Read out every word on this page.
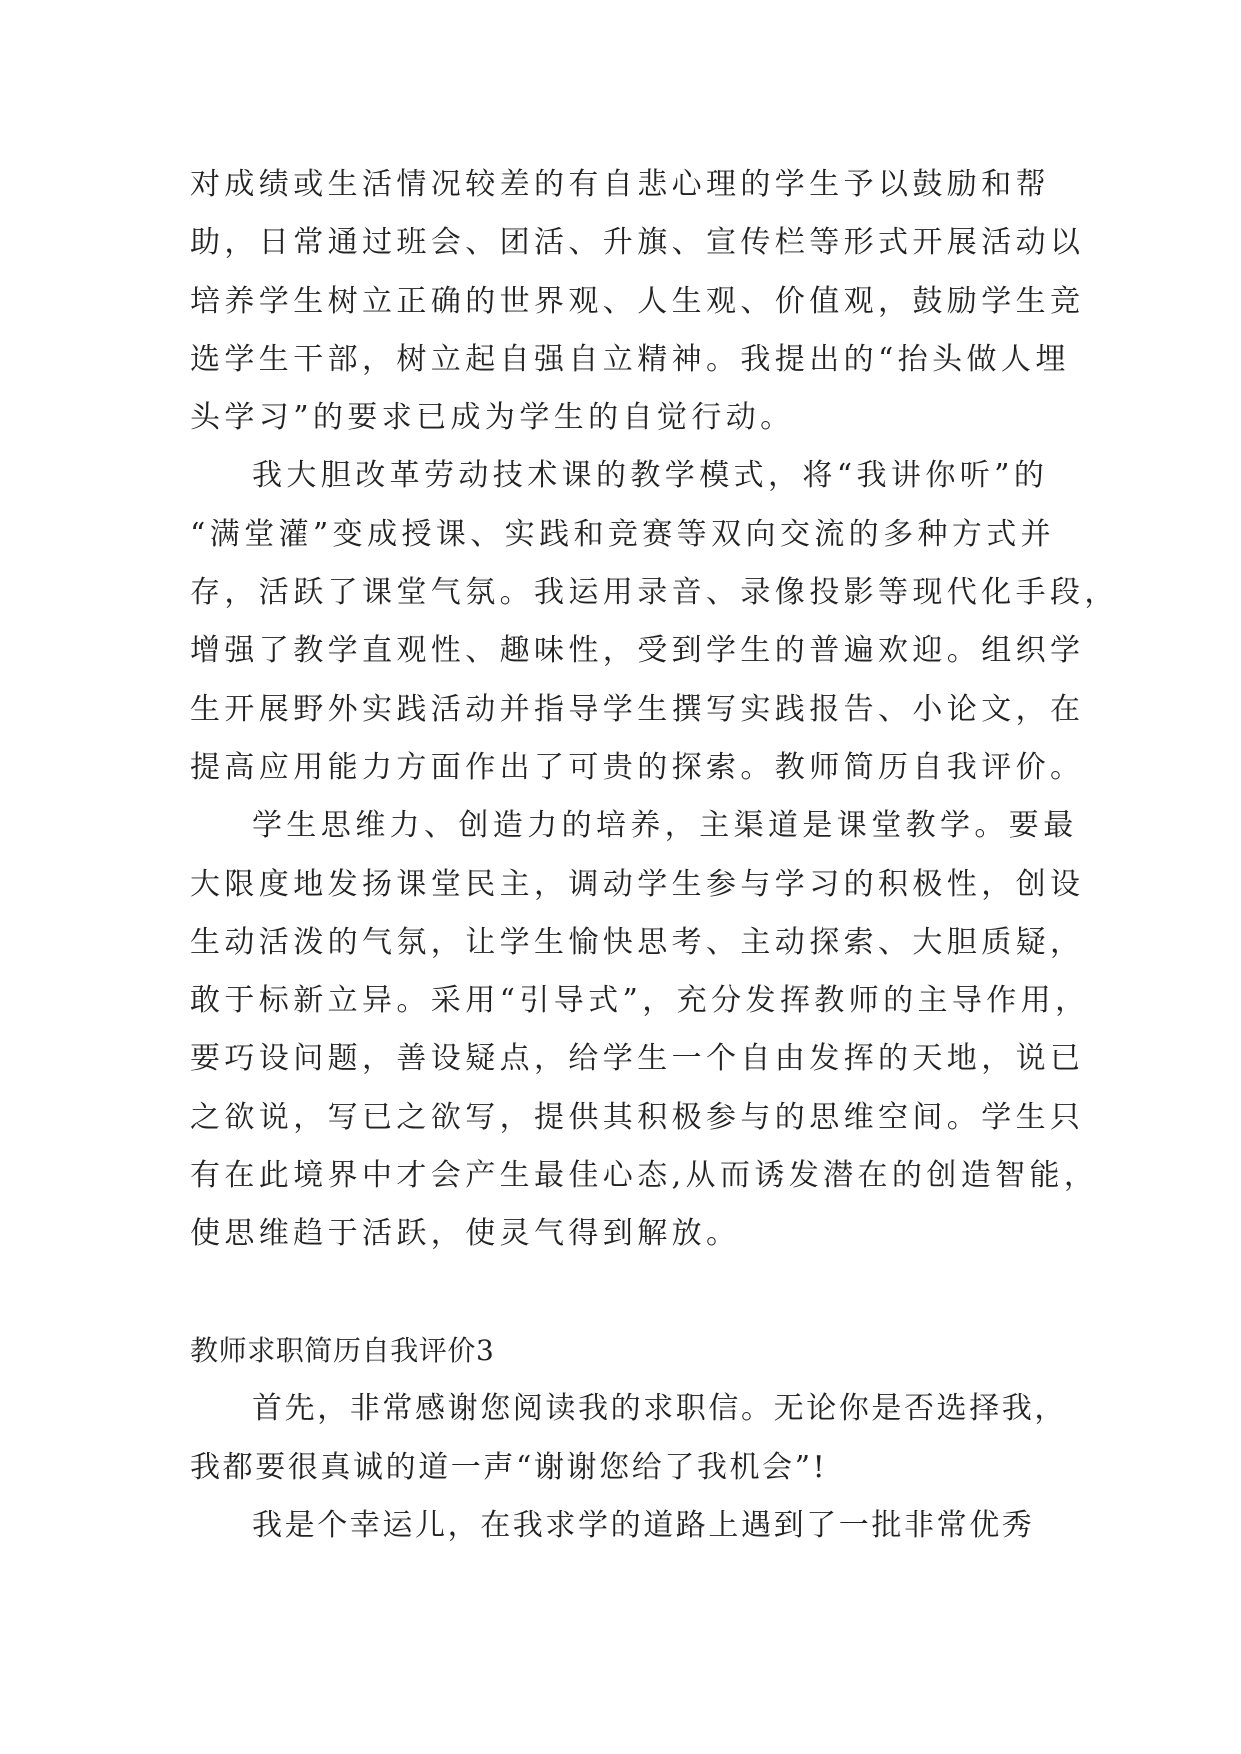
对成绩或生活情况较差的有自悲心理的学生予以鼓励和帮
助，日常通过班会、团活、升旗、宣传栏等形式开展活动以
培养学生树立正确的世界观、人生观、价值观，鼓励学生竞
选学生干部，树立起自强自立精神。我提出的“抬头做人埋
头学习”的要求已成为学生的自觉行动。
我大胆改革劳动技术课的教学模式，将“我讲你听”的
“满堂灌”变成授课、实践和竞赛等双向交流的多种方式并
存，活跃了课堂气氛。我运用录音、录像投影等现代化手段，
增强了教学直观性、趣味性，受到学生的普遍欢迎。组织学
生开展野外实践活动并指导学生撰写实践报告、小论文，在
提高应用能力方面作出了可贵的探索。教师简历自我评价。
学生思维力、创造力的培养，主渠道是课堂教学。要最
大限度地发扬课堂民主，调动学生参与学习的积极性，创设
生动活泼的气氛，让学生愉快思考、主动探索、大胆质疑，
敢于标新立异。采用“引导式”，充分发挥教师的主导作用，
要巧设问题，善设疑点，给学生一个自由发挥的天地，说已
之欲说，写已之欲写，提供其积极参与的思维空间。学生只
有在此境界中才会产生最佳心态,从而诱发潜在的创造智能，
使思维趋于活跃，使灵气得到解放。
教师求职简历自我评价3
首先，非常感谢您阅读我的求职信。无论你是否选择我，
我都要很真诚的道一声“谢谢您给了我机会”!
我是个幸运儿，在我求学的道路上遇到了一批非常优秀
